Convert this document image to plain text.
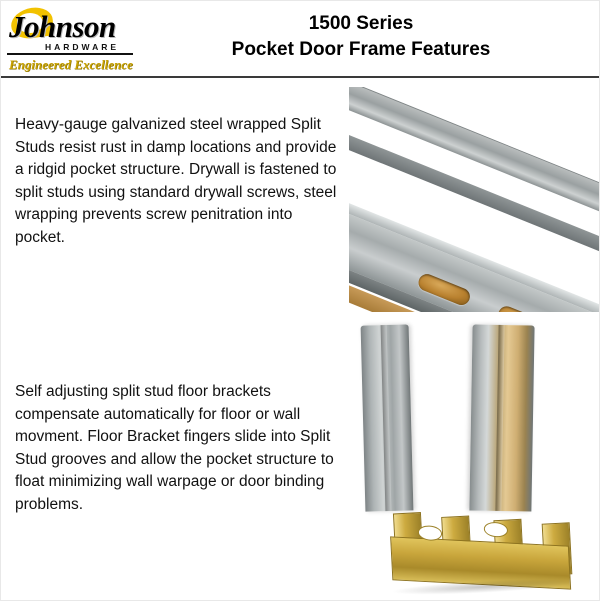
Johnson
HARDWARE
Engineered Excellence
1500 Series
Pocket Door Frame Features
Heavy-gauge galvanized steel wrapped Split Studs resist rust in damp locations and provide a ridgid pocket structure. Drywall is fastened to split studs using standard drywall screws, steel wrapping prevents screw penitration into pocket.
Self adjusting split stud floor brackets compensate automatically for floor or wall movment. Floor Bracket fingers slide into Split Stud grooves and allow the pocket structure to float minimizing wall warpage or door binding problems.
